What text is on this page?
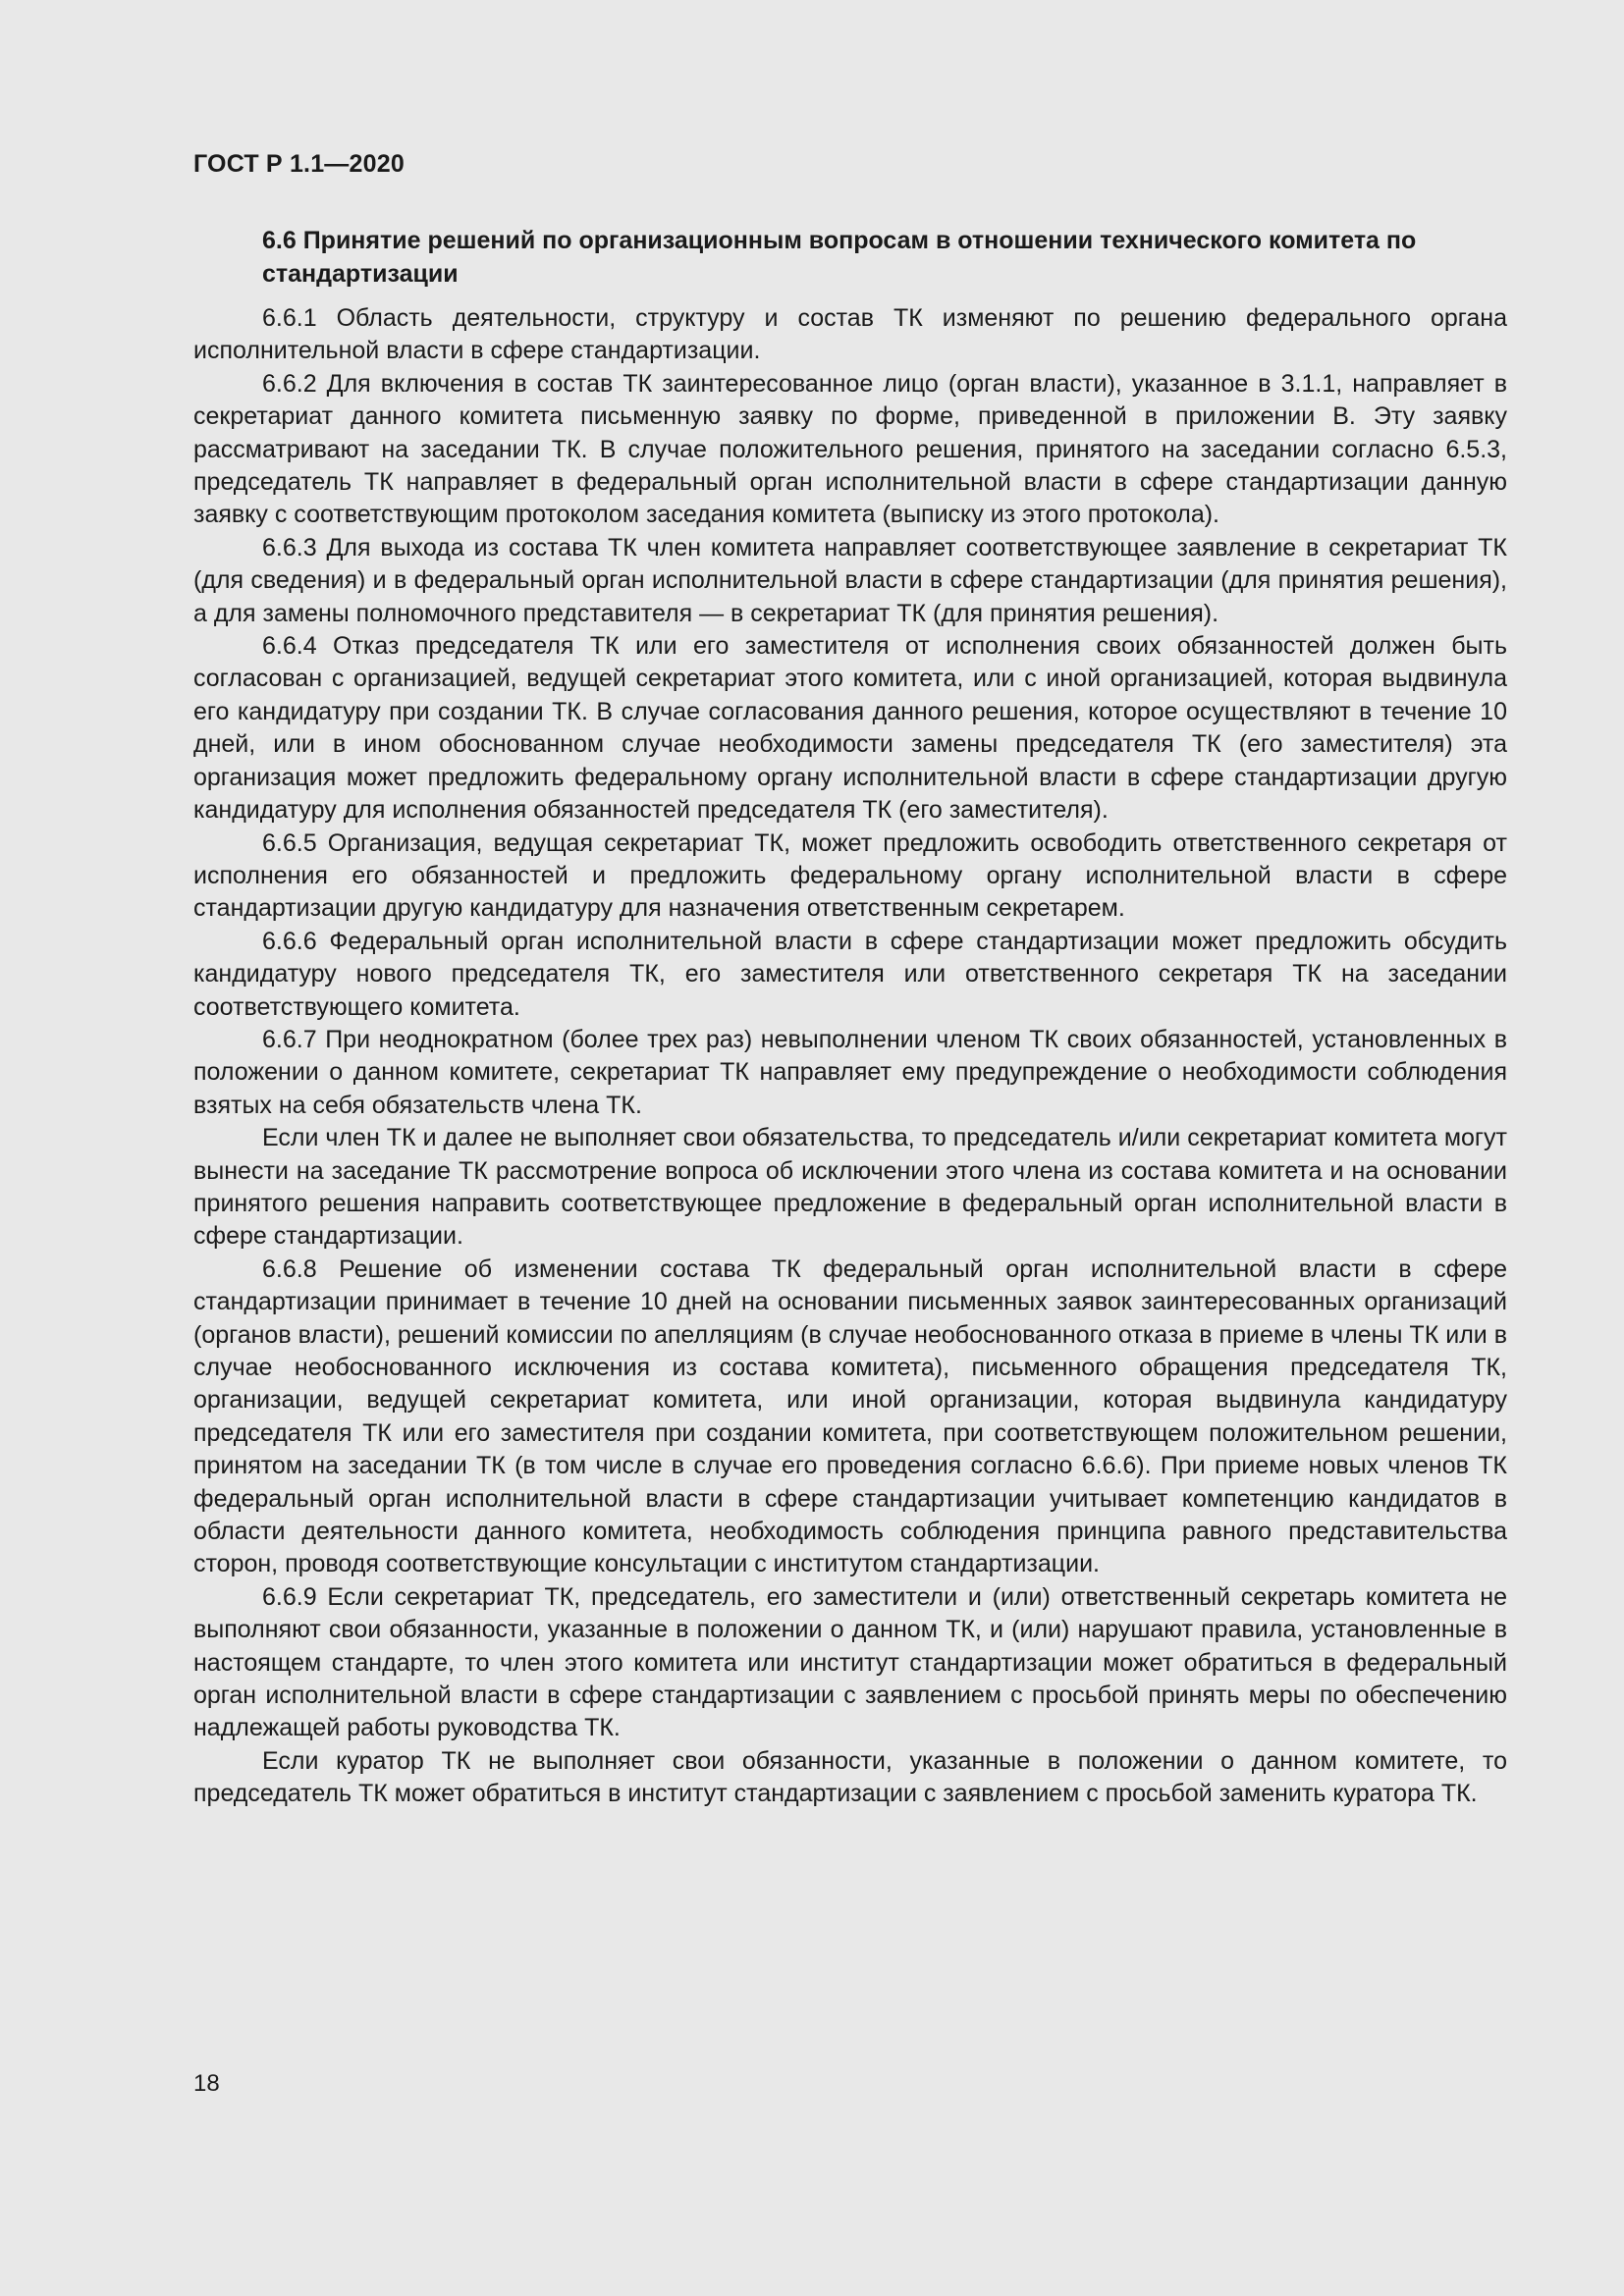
ГОСТ Р 1.1—2020

6.6 Принятие решений по организационным вопросам в отношении технического комитета по стандартизации

6.6.1 Область деятельности, структуру и состав ТК изменяют по решению федерального органа исполнительной власти в сфере стандартизации.

6.6.2 Для включения в состав ТК заинтересованное лицо (орган власти), указанное в 3.1.1, направляет в секретариат данного комитета письменную заявку по форме, приведенной в приложении В. Эту заявку рассматривают на заседании ТК. В случае положительного решения, принятого на заседании согласно 6.5.3, председатель ТК направляет в федеральный орган исполнительной власти в сфере стандартизации данную заявку с соответствующим протоколом заседания комитета (выписку из этого протокола).

6.6.3 Для выхода из состава ТК член комитета направляет соответствующее заявление в секретариат ТК (для сведения) и в федеральный орган исполнительной власти в сфере стандартизации (для принятия решения), а для замены полномочного представителя — в секретариат ТК (для принятия решения).

6.6.4 Отказ председателя ТК или его заместителя от исполнения своих обязанностей должен быть согласован с организацией, ведущей секретариат этого комитета, или с иной организацией, которая выдвинула его кандидатуру при создании ТК. В случае согласования данного решения, которое осуществляют в течение 10 дней, или в ином обоснованном случае необходимости замены председателя ТК (его заместителя) эта организация может предложить федеральному органу исполнительной власти в сфере стандартизации другую кандидатуру для исполнения обязанностей председателя ТК (его заместителя).

6.6.5 Организация, ведущая секретариат ТК, может предложить освободить ответственного секретаря от исполнения его обязанностей и предложить федеральному органу исполнительной власти в сфере стандартизации другую кандидатуру для назначения ответственным секретарем.

6.6.6 Федеральный орган исполнительной власти в сфере стандартизации может предложить обсудить кандидатуру нового председателя ТК, его заместителя или ответственного секретаря ТК на заседании соответствующего комитета.

6.6.7 При неоднократном (более трех раз) невыполнении членом ТК своих обязанностей, установленных в положении о данном комитете, секретариат ТК направляет ему предупреждение о необходимости соблюдения взятых на себя обязательств члена ТК.

Если член ТК и далее не выполняет свои обязательства, то председатель и/или секретариат комитета могут вынести на заседание ТК рассмотрение вопроса об исключении этого члена из состава комитета и на основании принятого решения направить соответствующее предложение в федеральный орган исполнительной власти в сфере стандартизации.

6.6.8 Решение об изменении состава ТК федеральный орган исполнительной власти в сфере стандартизации принимает в течение 10 дней на основании письменных заявок заинтересованных организаций (органов власти), решений комиссии по апелляциям (в случае необоснованного отказа в приеме в члены ТК или в случае необоснованного исключения из состава комитета), письменного обращения председателя ТК, организации, ведущей секретариат комитета, или иной организации, которая выдвинула кандидатуру председателя ТК или его заместителя при создании комитета, при соответствующем положительном решении, принятом на заседании ТК (в том числе в случае его проведения согласно 6.6.6). При приеме новых членов ТК федеральный орган исполнительной власти в сфере стандартизации учитывает компетенцию кандидатов в области деятельности данного комитета, необходимость соблюдения принципа равного представительства сторон, проводя соответствующие консультации с институтом стандартизации.

6.6.9 Если секретариат ТК, председатель, его заместители и (или) ответственный секретарь комитета не выполняют свои обязанности, указанные в положении о данном ТК, и (или) нарушают правила, установленные в настоящем стандарте, то член этого комитета или институт стандартизации может обратиться в федеральный орган исполнительной власти в сфере стандартизации с заявлением с просьбой принять меры по обеспечению надлежащей работы руководства ТК.

Если куратор ТК не выполняет свои обязанности, указанные в положении о данном комитете, то председатель ТК может обратиться в институт стандартизации с заявлением с просьбой заменить куратора ТК.

18
